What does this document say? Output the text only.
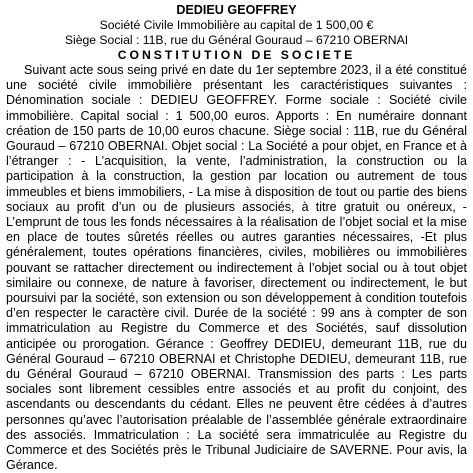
DEDIEU GEOFFREY

Société Civile Immobilière au capital de 1 500,00 €

Siège Social : 11B, rue du Général Gouraud – 67210 OBERNAI

CONSTITUTION DE SOCIETE

Suivant acte sous seing privé en date du 1er septembre 2023, il a été constitué une société civile immobilière présentant les caractéristiques suivantes : Dénomination sociale : DEDIEU GEOFFREY. Forme sociale : Société civile immobilière. Capital social : 1 500,00 euros. Apports : En numéraire donnant création de 150 parts de 10,00 euros chacune. Siège social : 11B, rue du Général Gouraud – 67210 OBERNAI. Objet social : La Société a pour objet, en France et à l’étranger : - L’acquisition, la vente, l’administration, la construction ou la participation à la construction, la gestion par location ou autrement de tous immeubles et biens immobiliers, - La mise à disposition de tout ou partie des biens sociaux au profit d’un ou de plusieurs associés, à titre gratuit ou onéreux, - L’emprunt de tous les fonds nécessaires à la réalisation de l’objet social et la mise en place de toutes sûretés réelles ou autres garanties nécessaires, -Et plus généralement, toutes opérations financières, civiles, mobilières ou immobilières pouvant se rattacher directement ou indirectement à l’objet social ou à tout objet similaire ou connexe, de nature à favoriser, directement ou indirectement, le but poursuivi par la société, son extension ou son développement à condition toutefois d’en respecter le caractère civil. Durée de la société : 99 ans à compter de son immatriculation au Registre du Commerce et des Sociétés, sauf dissolution anticipée ou prorogation. Gérance : Geoffrey DEDIEU, demeurant 11B, rue du Général Gouraud – 67210 OBERNAI et Christophe DEDIEU, demeurant 11B, rue du Général Gouraud – 67210 OBERNAI. Transmission des parts : Les parts sociales sont librement cessibles entre associés et au profit du conjoint, des ascendants ou descendants du cédant. Elles ne peuvent être cédées à d’autres personnes qu’avec l’autorisation préalable de l’assemblée générale extraordinaire des associés. Immatriculation : La société sera immatriculée au Registre du Commerce et des Sociétés près le Tribunal Judiciaire de SAVERNE. Pour avis, la Gérance.
